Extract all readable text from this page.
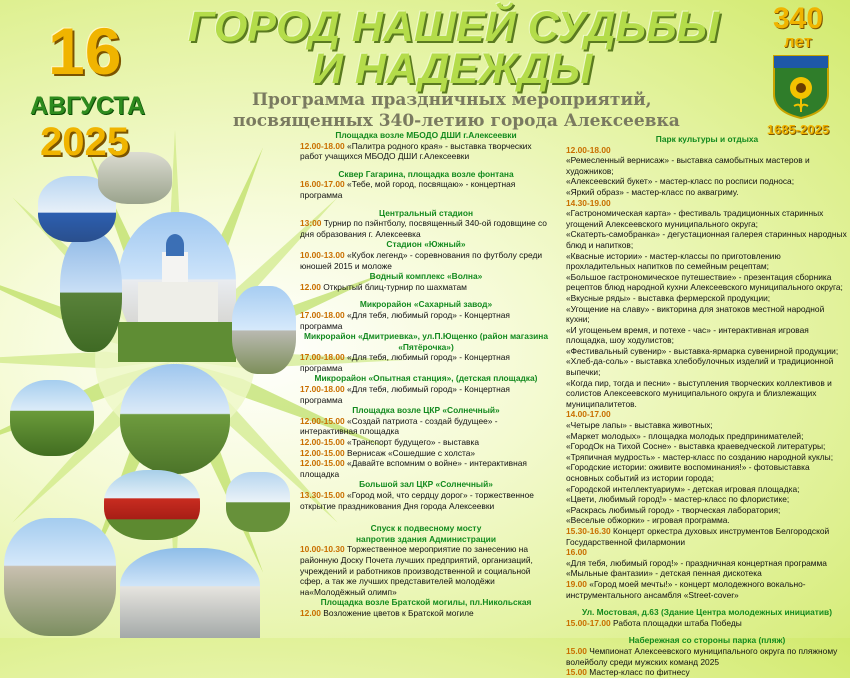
16
АВГУСТА
2025
ГОРОД НАШЕЙ СУДЬБЫ
И НАДЕЖДЫ
Программа праздничных мероприятий,
посвященных 340-летию города Алексеевка
340
лет
1685-2025
Площадка возле МБОДО ДШИ г.Алексеевки
12.00-18.00 «Палитра родного края» - выставка творческих работ учащихся МБОДО ДШИ г.Алексеевки
Сквер Гагарина, площадка возле фонтана
16.00-17.00 «Тебе, мой город, посвящаю» - концертная программа
Центральный стадион
13:00 Турнир по пэйнтболу, посвященный 340-ой годовщине со дня образования г. Алексеевка
Стадион «Южный»
10.00-13.00 «Кубок легенд» - соревнования по футболу среди юношей 2015 и моложе
Водный комплекс «Волна»
12.00 Открытый блиц-турнир по шахматам
Микрорайон «Сахарный завод»
17.00-18.00 «Для тебя, любимый город» - Концертная программа
Микрорайон «Дмитриевка», ул.П.Ющенко (район магазина «Пятёрочка»)
17.00-18.00 «Для тебя, любимый город» - Концертная программа
Микрорайон «Опытная станция», (детская площадка)
17.00-18.00 «Для тебя, любимый город» - Концертная программа
Площадка возле ЦКР «Солнечный»
12.00-15.00 «Создай патриота - создай будущее» - интерактивная площадка
12.00-15.00 «Транспорт будущего» - выставка
12.00-15.00 Вернисаж «Сошедшие с холста»
12.00-15.00 «Давайте вспомним о войне» - интерактивная площадка
Большой зал ЦКР «Солнечный»
13.30-15.00 «Город мой, что сердцу дорог» - торжественное открытие праздникования Дня города Алексеевки
Спуск к подвесному мосту
напротив здания Администрации
10.00-10.30 Торжественное мероприятие по занесению на районную Доску Почета лучших предприятий, организаций, учреждений и работников производственной и социальной сфер, а так же лучших представителей молодёжи на«Молодёжный олимп»
Площадка возле Братской могилы, пл.Никольская
12.00 Возложение цветов к Братской могиле
Парк культуры и отдыха
12.00-18.00
«Ремесленный вернисаж» - выставка самобытных мастеров и художников;
«Алексеевский букет» - мастер-класс по росписи подноса;
«Яркий образ» - мастер-класс по аквагриму.
14.30-19.00
«Гастрономическая карта» - фестиваль традиционных старинных угощений Алексеевского муниципального округа;
«Скатерть-самобранка» - дегустационная галерея старинных народных блюд и напитков;
«Квасные истории» - мастер-классы по приготовлению прохладительных напитков по семейным рецептам;
«Большое гастрономическое путешествие» - презентация сборника рецептов блюд народной кухни Алексеевского муниципального округа;
«Вкусные ряды» - выставка фермерской продукции;
«Угощение на славу» - викторина для знатоков местной народной кухни;
«И угощеньем время, и потехе - час» - интерактивная игровая площадка, шоу ходулистов;
«Фестивальный сувенир» - выставка-ярмарка сувенирной продукции;
«Хлеб-да-соль» - выставка хлебобулочных изделий и традиционной выпечки;
«Когда пир, тогда и песни» - выступления творческих коллективов и солистов Алексеевского муниципального округа и близлежащих муниципалитетов.
14.00-17.00
«Четыре лапы» - выставка животных;
«Маркет молодых» - площадка молодых предпринимателей;
«ГородОк на Тихой Сосне» - выставка краеведческой литературы;
«Тряпичная мудрость» - мастер-класс по созданию народной куклы;
«Городские истории: оживите воспоминания!» - фотовыставка основных событий из истории города;
«Городской интеллектуариум» - детская игровая площадка;
«Цвети, любимый город!» - мастер-класс по флористике;
«Раскрась любимый город» - творческая лаборатория;
«Веселые обжорки» - игровая программа.
15.30-16.30 Концерт оркестра духовых инструментов Белгородской Государственной филармонии
16.00
«Для тебя, любимый город!» - праздничная концертная программа «Мыльные фантазии» - детская пенная дискотека
19.00 «Город моей мечты!» - концерт молодежного вокально-инструментального ансамбля «Street-cover»
Ул. Мостовая, д.63 (Здание Центра молодежных инициатив)
15.00-17.00 Работа площадки штаба Победы
Набережная со стороны парка (пляж)
15.00 Чемпионат Алексеевского муниципального округа по пляжному волейболу среди мужских команд 2025
15.00 Мастер-класс по фитнесу
